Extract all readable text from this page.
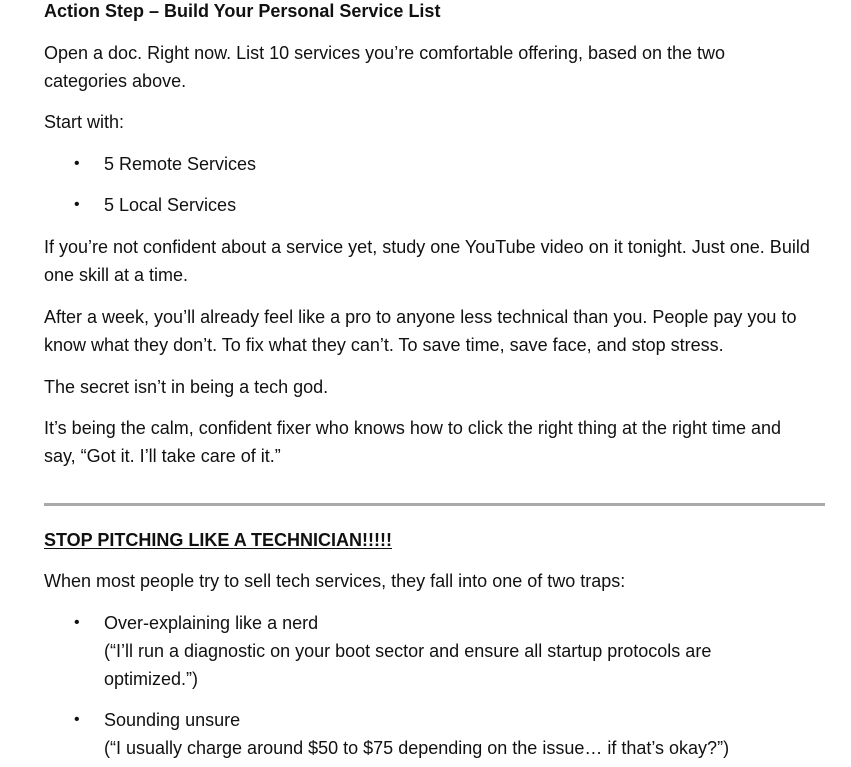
Action Step – Build Your Personal Service List

Open a doc. Right now. List 10 services you’re comfortable offering, based on the two categories above.

Start with:

• 5 Remote Services
• 5 Local Services

If you’re not confident about a service yet, study one YouTube video on it tonight. Just one. Build one skill at a time.

After a week, you’ll already feel like a pro to anyone less technical than you. People pay you to know what they don’t. To fix what they can’t. To save time, save face, and stop stress.

The secret isn’t in being a tech god.

It’s being the calm, confident fixer who knows how to click the right thing at the right time and say, “Got it. I’ll take care of it.”

STOP PITCHING LIKE A TECHNICIAN!!!!!

When most people try to sell tech services, they fall into one of two traps:

• Over-explaining like a nerd
(“I’ll run a diagnostic on your boot sector and ensure all startup protocols are optimized.”)
• Sounding unsure
(“I usually charge around $50 to $75 depending on the issue… if that’s okay?”)
